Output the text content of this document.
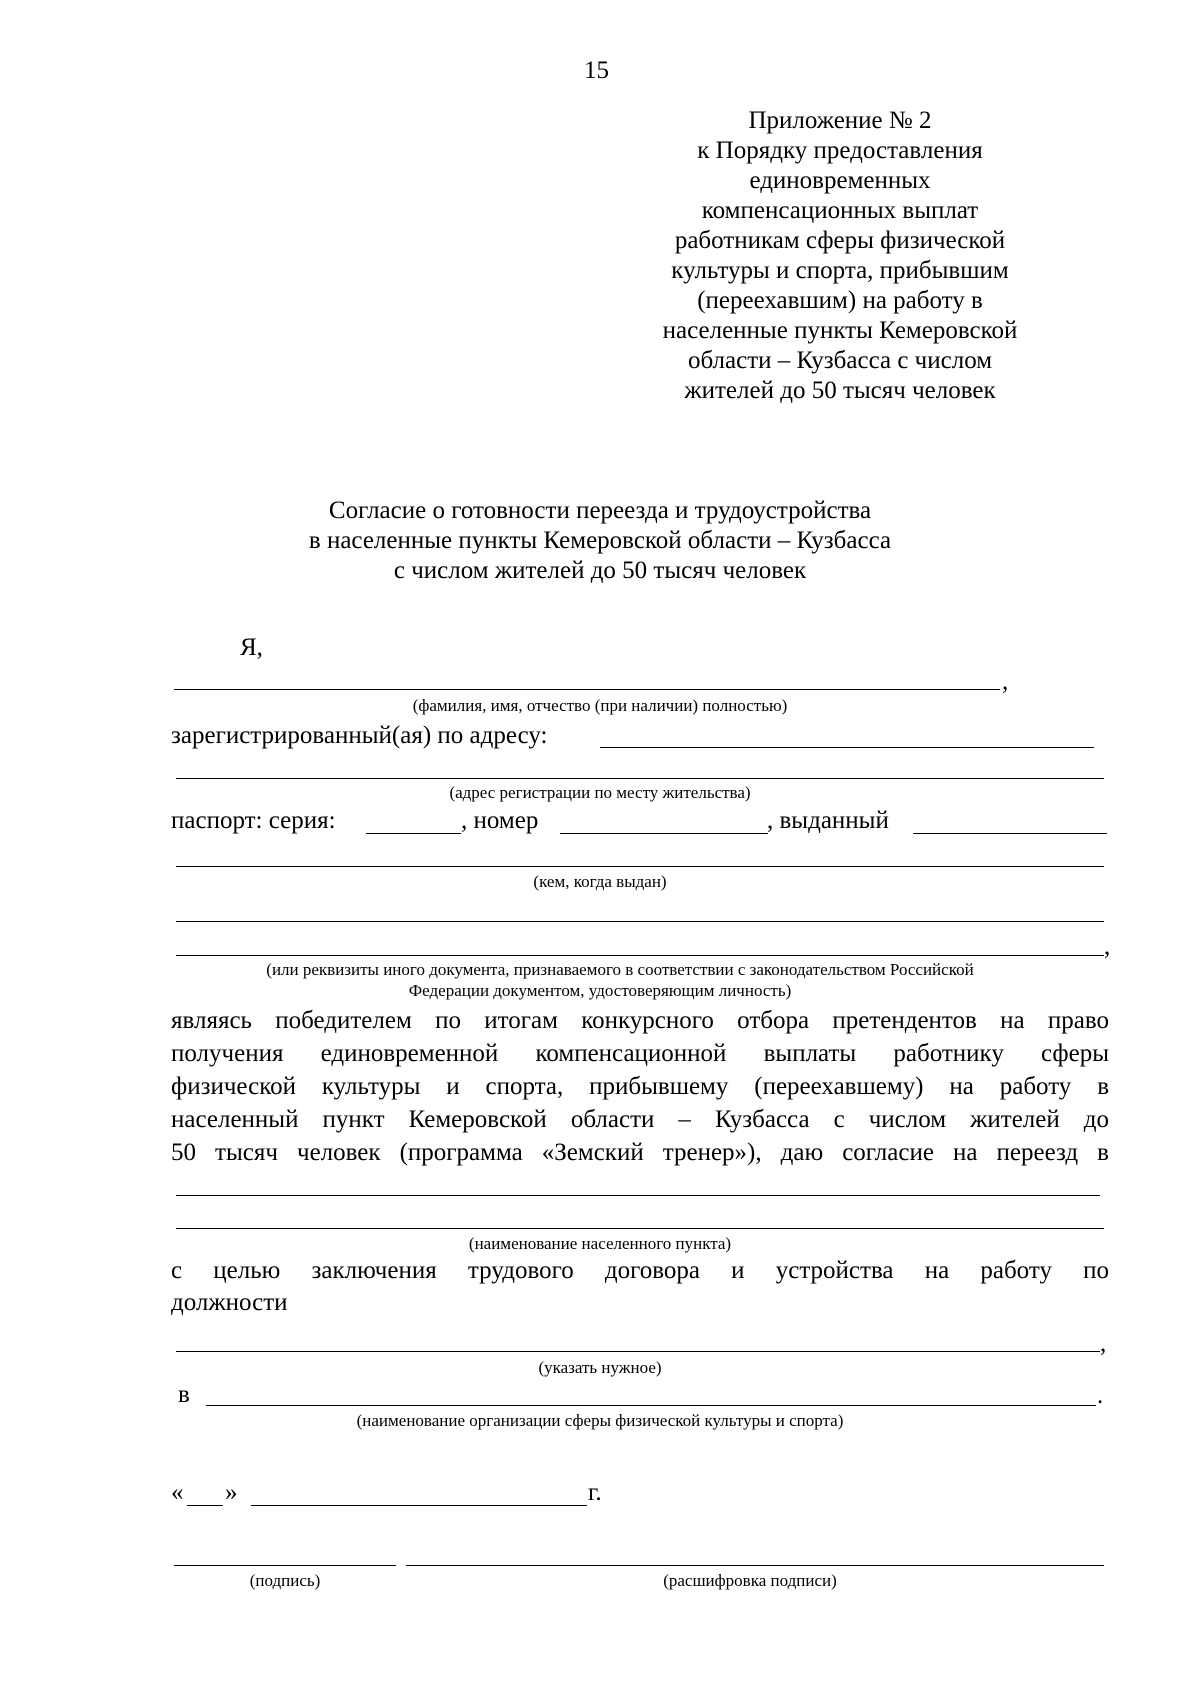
15
Приложение № 2
к Порядку предоставления
единовременных
компенсационных выплат
работникам сферы физической
культуры и спорта, прибывшим
(переехавшим) на работу в
населенные пункты Кемеровской
области – Кузбасса с числом
жителей до 50 тысяч человек
Согласие о готовности переезда и трудоустройства
в населенные пункты Кемеровской области – Кузбасса
с числом жителей до 50 тысяч человек
Я,
,
(фамилия, имя, отчество (при наличии) полностью)
зарегистрированный(ая) по адресу:
(адрес регистрации по месту жительства)
паспорт: серия:	, номер	, выданный
(кем, когда выдан)
,
(или реквизиты иного документа, признаваемого в соответствии с законодательством Российской
Федерации документом, удостоверяющим личность)
являясь победителем по итогам конкурсного отбора претендентов на право
получения единовременной компенсационной выплаты работнику сферы
физической культуры и спорта, прибывшему (переехавшему) на работу в
населенный пункт Кемеровской области – Кузбасса с числом жителей до
50 тысяч человек (программа «Земский тренер»), даю согласие на переезд в
(наименование населенного пункта)
с целью заключения трудового договора и устройства на работу по
должности
,
(указать нужное)
в	.
(наименование организации сферы физической культуры и спорта)
« »	г.
(подпись)	(расшифровка подписи)
